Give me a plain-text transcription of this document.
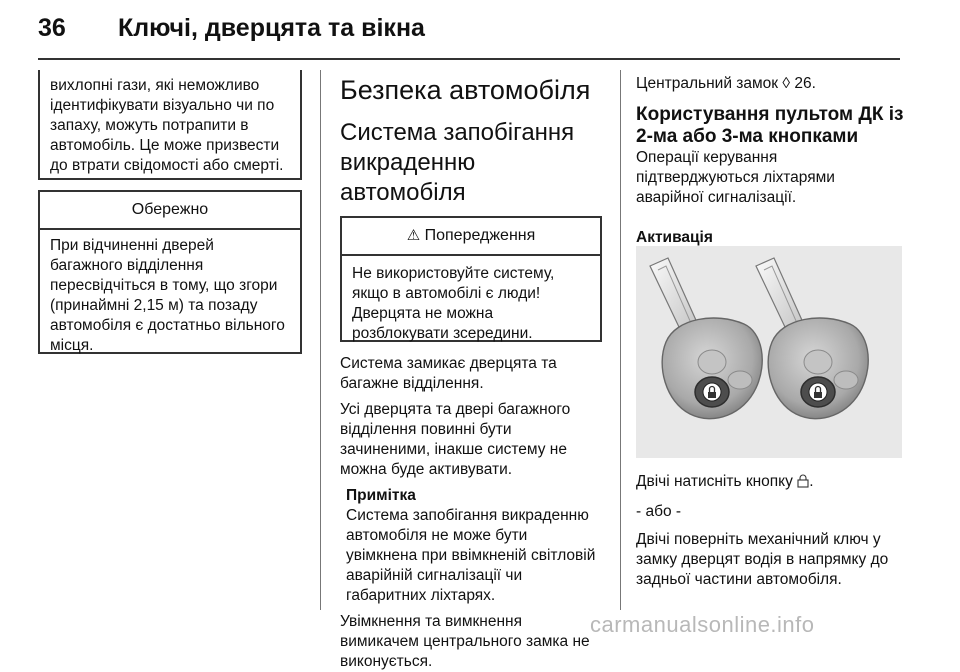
36 Ключі, дверцята та вікна

вихлопні гази, які неможливо

ідентифікувати візуально чи по

запаху, можуть потрапити в

автомобіль. Це може призвести

до втрати свідомості або смерті.

Обережно

При відчиненні дверей

багажного відділення

пересвідчіться в тому, що згори

(принаймні 2,15 м) та позаду

автомобіля є достатньо вільного

місця.

Безпека автомобіля
Система запобігання
викраденню автомобіля
⚠ Попередження

Не використовуйте систему,

якщо в автомобілі є люди!

Дверцята не можна

розблокувати зсередини.

Система замикає дверцята та

багажне відділення.

Усі дверцята та двері багажного

відділення повинні бути

зачиненими, інакше систему не

можна буде активувати.

Примітка

Система запобігання викраденню

автомобіля не може бути

увімкнена при ввімкненій світловій

аварійній сигналізації чи

габаритних ліхтарях.

Увімкнення та вимкнення

вимикачем центрального замка не

виконується.

Центральний замок ◊ 26.

Користування пультом ДК із
2-ма або 3-ма кнопками

Операції керування

підтверджуються ліхтарями

аварійної сигналізації.

Активація

Двічі натисніть кнопку .

- або -

Двічі поверніть механічний ключ у

замку дверцят водія в напрямку до

задньої частини автомобіля.

carmanualsonline.info
